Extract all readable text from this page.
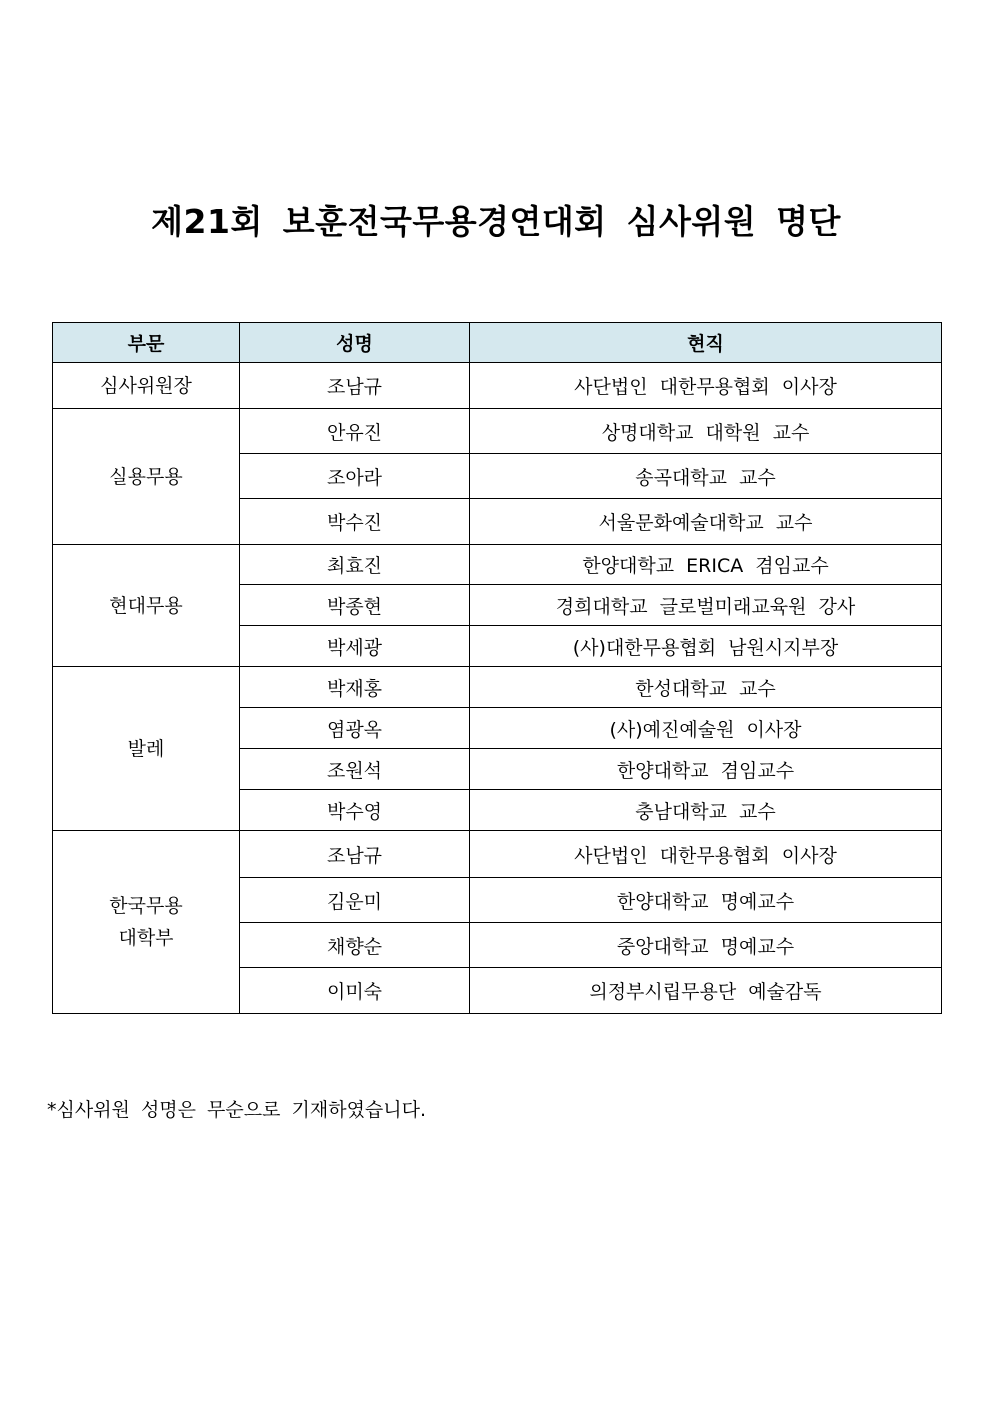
제21회 보훈전국무용경연대회 심사위원 명단
부문	성명	현직

심사위원장	조남규	사단법인 대한무용협회 이사장

실용무용	안유진	상명대학교 대학원 교수
	조아라	송곡대학교 교수
	박수진	서울문화예술대학교 교수

현대무용	최효진	한양대학교 ERICA 겸임교수
	박종현	경희대학교 글로벌미래교육원 강사
	박세광	(사)대한무용협회 남원시지부장

발레	박재홍	한성대학교 교수
	염광옥	(사)예진예술원 이사장
	조원석	한양대학교 겸임교수
	박수영	충남대학교 교수

한국무용
대학부	조남규	사단법인 대한무용협회 이사장
	김운미	한양대학교 명예교수
	채향순	중앙대학교 명예교수
	이미숙	의정부시립무용단 예술감독
*심사위원 성명은 무순으로 기재하였습니다.
